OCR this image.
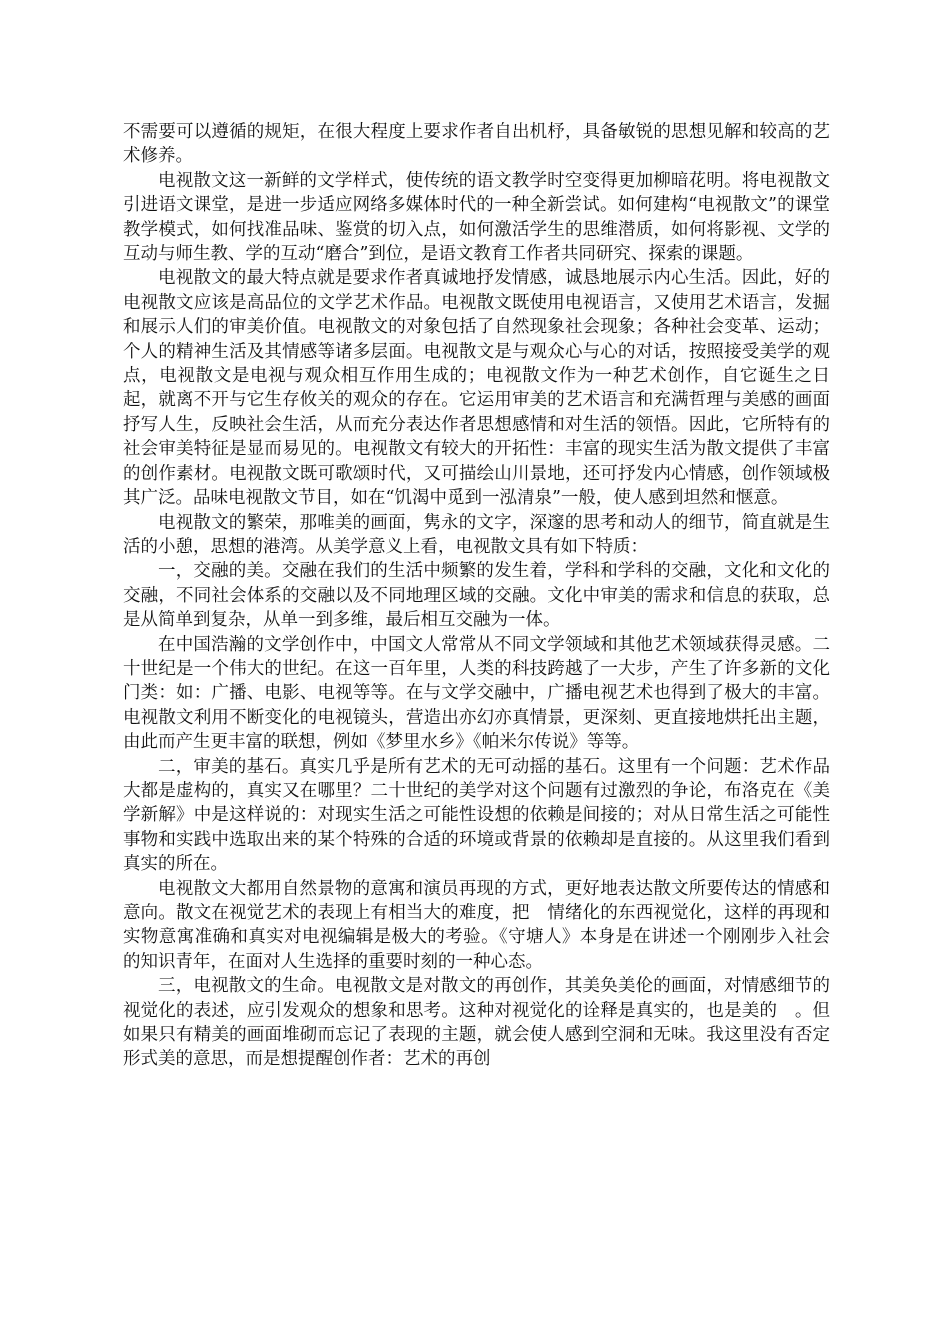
不需要可以遵循的规矩，在很大程度上要求作者自出机杼，具备敏锐的思想见解和较高的艺术修养。

电视散文这一新鲜的文学样式，使传统的语文教学时空变得更加柳暗花明。将电视散文引进语文课堂，是进一步适应网络多媒体时代的一种全新尝试。如何建构“电视散文”的课堂教学模式，如何找准品味、鉴赏的切入点，如何激活学生的思维潜质，如何将影视、文学的互动与师生教、学的互动“磨合”到位，是语文教育工作者共同研究、探索的课题。

电视散文的最大特点就是要求作者真诚地抒发情感，诚恳地展示内心生活。因此，好的电视散文应该是高品位的文学艺术作品。电视散文既使用电视语言，又使用艺术语言，发掘和展示人们的审美价值。电视散文的对象包括了自然现象社会现象；各种社会变革、运动；个人的精神生活及其情感等诸多层面。电视散文是与观众心与心的对话，按照接受美学的观点，电视散文是电视与观众相互作用生成的；电视散文作为一种艺术创作，自它诞生之日起，就离不开与它生存攸关的观众的存在。它运用审美的艺术语言和充满哲理与美感的画面抒写人生，反映社会生活，从而充分表达作者思想感情和对生活的领悟。因此，它所特有的社会审美特征是显而易见的。电视散文有较大的开拓性：丰富的现实生活为散文提供了丰富的创作素材。电视散文既可歌颂时代，又可描绘山川景地，还可抒发内心情感，创作领域极其广泛。品味电视散文节目，如在“饥渴中觅到一泓清泉”一般，使人感到坦然和惬意。

电视散文的繁荣，那唯美的画面，隽永的文字，深邃的思考和动人的细节，简直就是生活的小憩，思想的港湾。从美学意义上看，电视散文具有如下特质：

一，交融的美。交融在我们的生活中频繁的发生着，学科和学科的交融，文化和文化的交融，不同社会体系的交融以及不同地理区域的交融。文化中审美的需求和信息的获取，总是从简单到复杂，从单一到多维，最后相互交融为一体。

在中国浩瀚的文学创作中，中国文人常常从不同文学领域和其他艺术领域获得灵感。二十世纪是一个伟大的世纪。在这一百年里，人类的科技跨越了一大步，产生了许多新的文化门类：如：广播、电影、电视等等。在与文学交融中，广播电视艺术也得到了极大的丰富。电视散文利用不断变化的电视镜头，营造出亦幻亦真情景，更深刻、更直接地烘托出主题，由此而产生更丰富的联想，例如《梦里水乡》《帕米尔传说》等等。

二，审美的基石。真实几乎是所有艺术的无可动摇的基石。这里有一个问题：艺术作品大都是虚构的，真实又在哪里？二十世纪的美学对这个问题有过激烈的争论，布洛克在《美学新解》中是这样说的：对现实生活之可能性设想的依赖是间接的；对从日常生活之可能性事物和实践中选取出来的某个特殊的合适的环境或背景的依赖却是直接的。从这里我们看到真实的所在。

电视散文大都用自然景物的意寓和演员再现的方式，更好地表达散文所要传达的情感和意向。散文在视觉艺术的表现上有相当大的难度，把　情绪化的东西视觉化，这样的再现和实物意寓准确和真实对电视编辑是极大的考验。《守塘人》本身是在讲述一个刚刚步入社会的知识青年，在面对人生选择的重要时刻的一种心态。

三，电视散文的生命。电视散文是对散文的再创作，其美奂美伦的画面，对情感细节的视觉化的表述，应引发观众的想象和思考。这种对视觉化的诠释是真实的，也是美的　。但如果只有精美的画面堆砌而忘记了表现的主题，就会使人感到空洞和无味。我这里没有否定形式美的意思，而是想提醒创作者：艺术的再创
